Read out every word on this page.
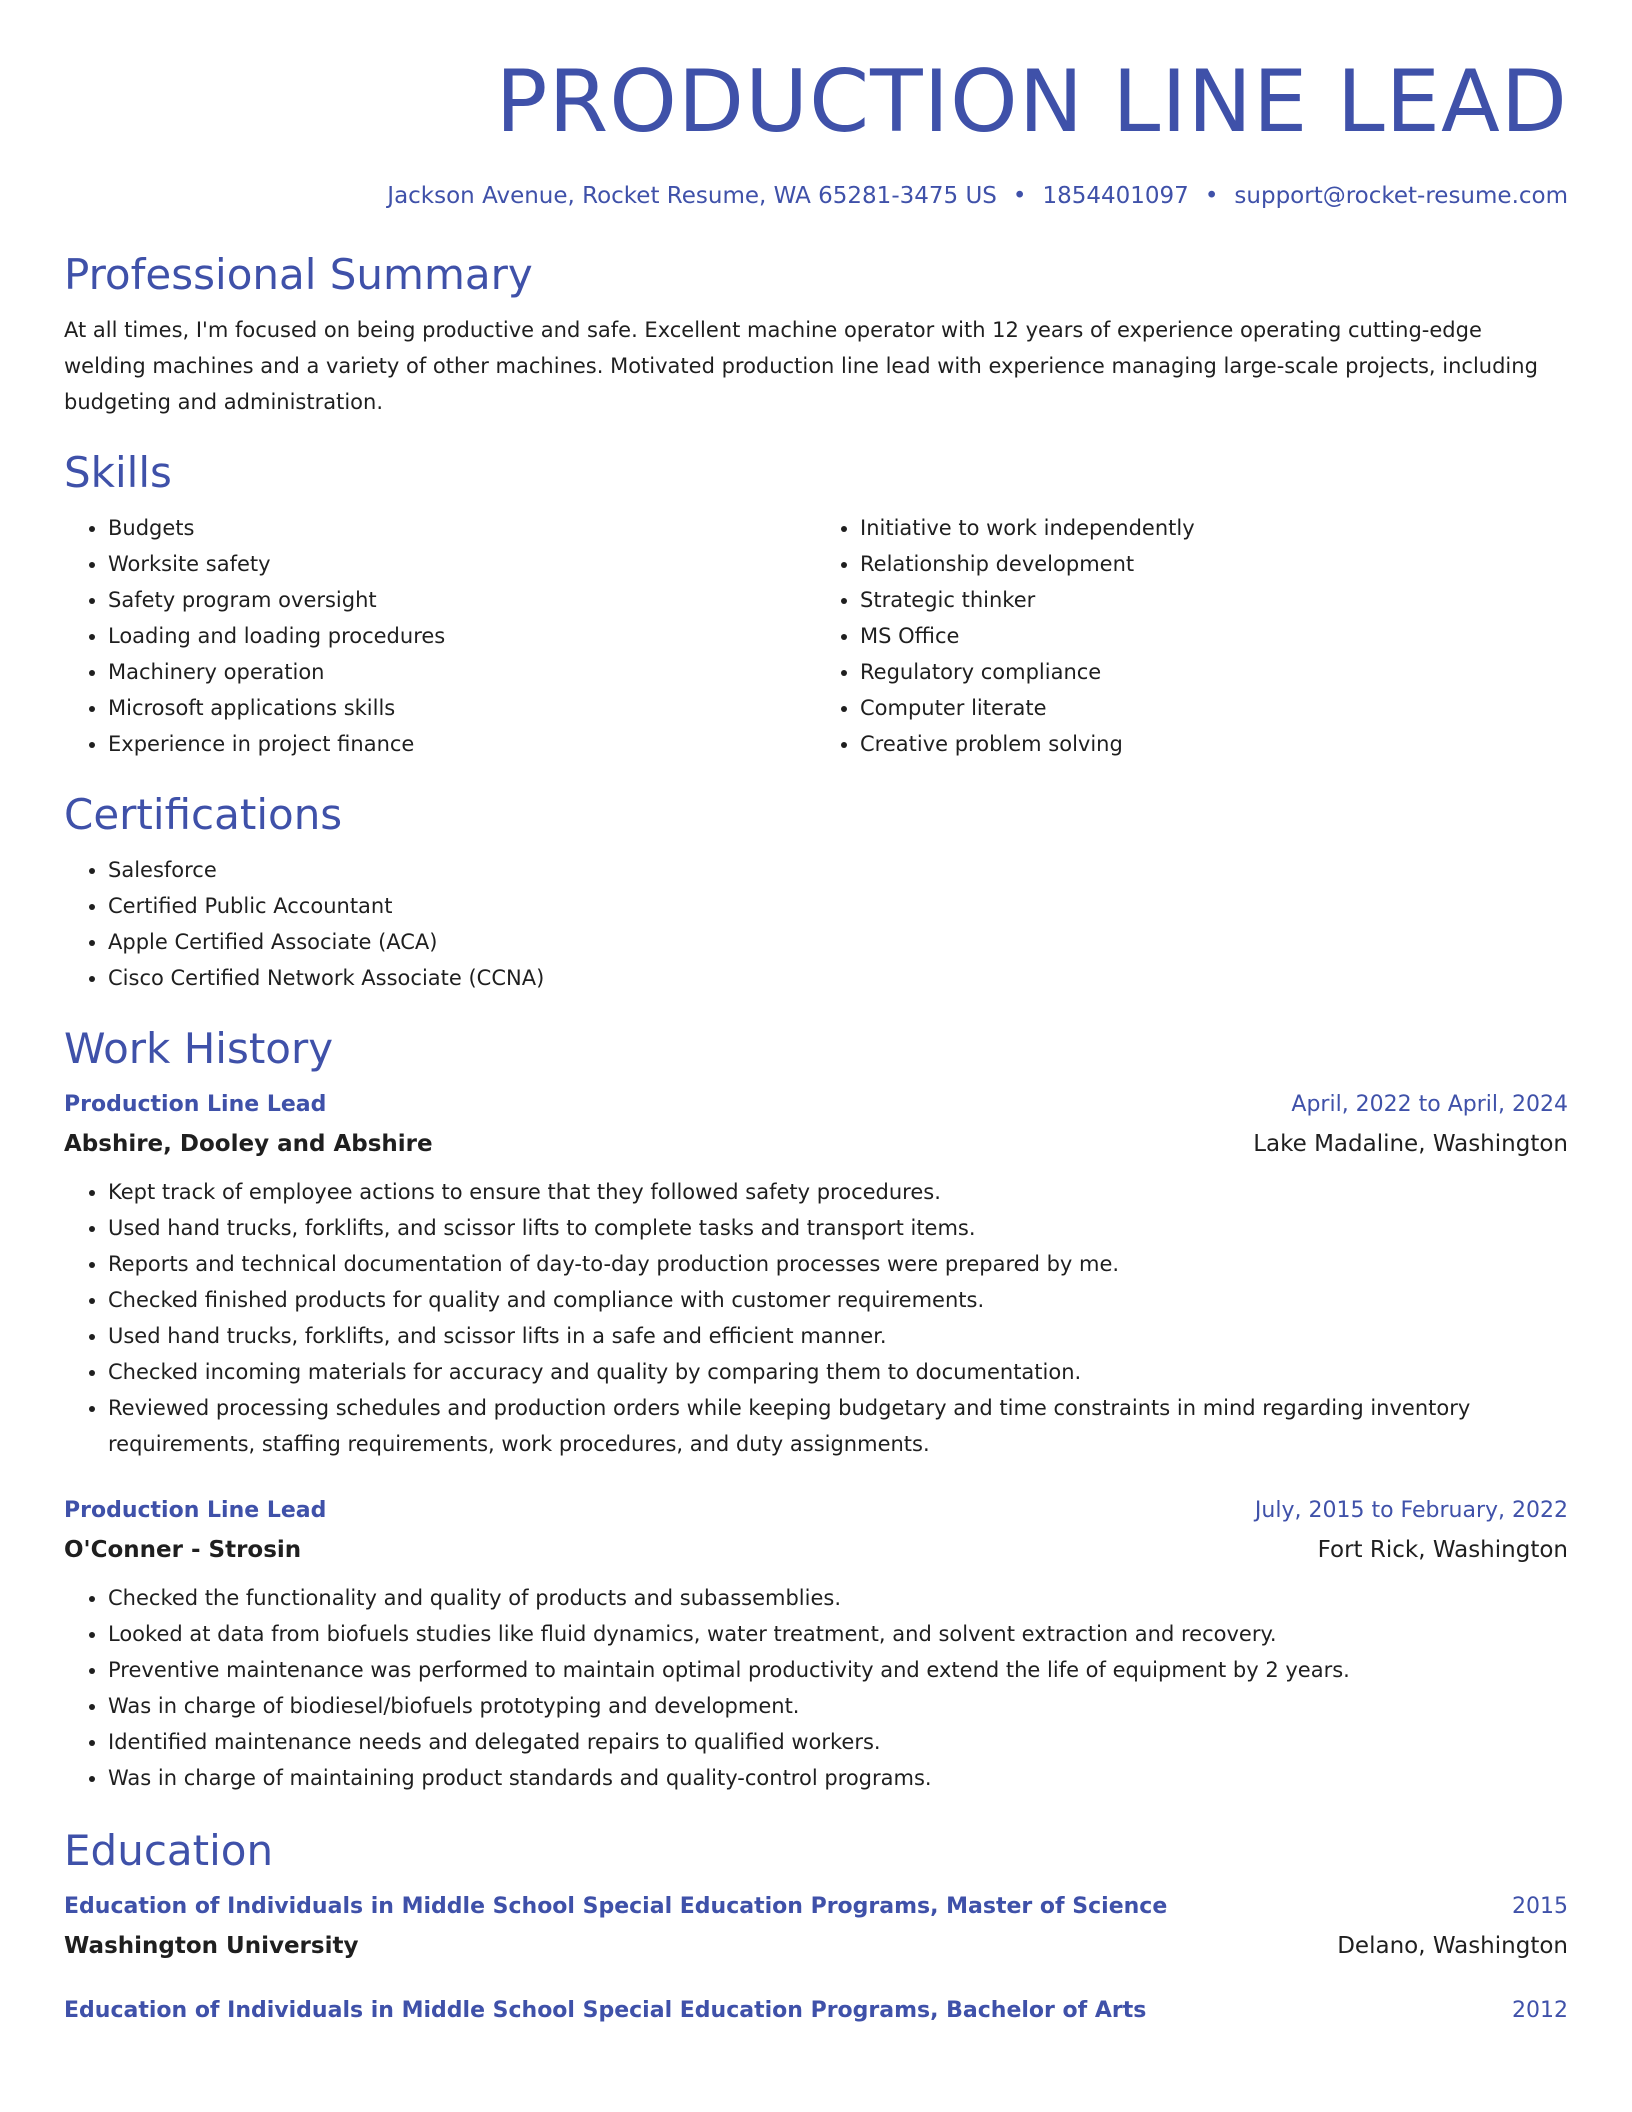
PRODUCTION LINE LEAD
Jackson Avenue, Rocket Resume, WA 65281-3475 US • 1854401097 • support@rocket-resume.com
Professional Summary

At all times, I'm focused on being productive and safe. Excellent machine operator with 12 years of experience operating cutting-edge welding machines and a variety of other machines. Motivated production line lead with experience managing large-scale projects, including budgeting and administration.

Skills
• Budgets
• Worksite safety
• Safety program oversight
• Loading and loading procedures
• Machinery operation
• Microsoft applications skills
• Experience in project finance
• Initiative to work independently
• Relationship development
• Strategic thinker
• MS Office
• Regulatory compliance
• Computer literate
• Creative problem solving
Certifications
• Salesforce
• Certified Public Accountant
• Apple Certified Associate (ACA)
• Cisco Certified Network Associate (CCNA)
Work History
Production Line Lead	April, 2022 to April, 2024
Abshire, Dooley and Abshire	Lake Madaline, Washington
• Kept track of employee actions to ensure that they followed safety procedures.
• Used hand trucks, forklifts, and scissor lifts to complete tasks and transport items.
• Reports and technical documentation of day-to-day production processes were prepared by me.
• Checked finished products for quality and compliance with customer requirements.
• Used hand trucks, forklifts, and scissor lifts in a safe and efficient manner.
• Checked incoming materials for accuracy and quality by comparing them to documentation.
• Reviewed processing schedules and production orders while keeping budgetary and time constraints in mind regarding inventory requirements, staffing requirements, work procedures, and duty assignments.
Production Line Lead	July, 2015 to February, 2022
O'Conner - Strosin	Fort Rick, Washington
• Checked the functionality and quality of products and subassemblies.
• Looked at data from biofuels studies like fluid dynamics, water treatment, and solvent extraction and recovery.
• Preventive maintenance was performed to maintain optimal productivity and extend the life of equipment by 2 years.
• Was in charge of biodiesel/biofuels prototyping and development.
• Identified maintenance needs and delegated repairs to qualified workers.
• Was in charge of maintaining product standards and quality-control programs.
Education
Education of Individuals in Middle School Special Education Programs, Master of Science	2015
Washington University	Delano, Washington
Education of Individuals in Middle School Special Education Programs, Bachelor of Arts	2012
